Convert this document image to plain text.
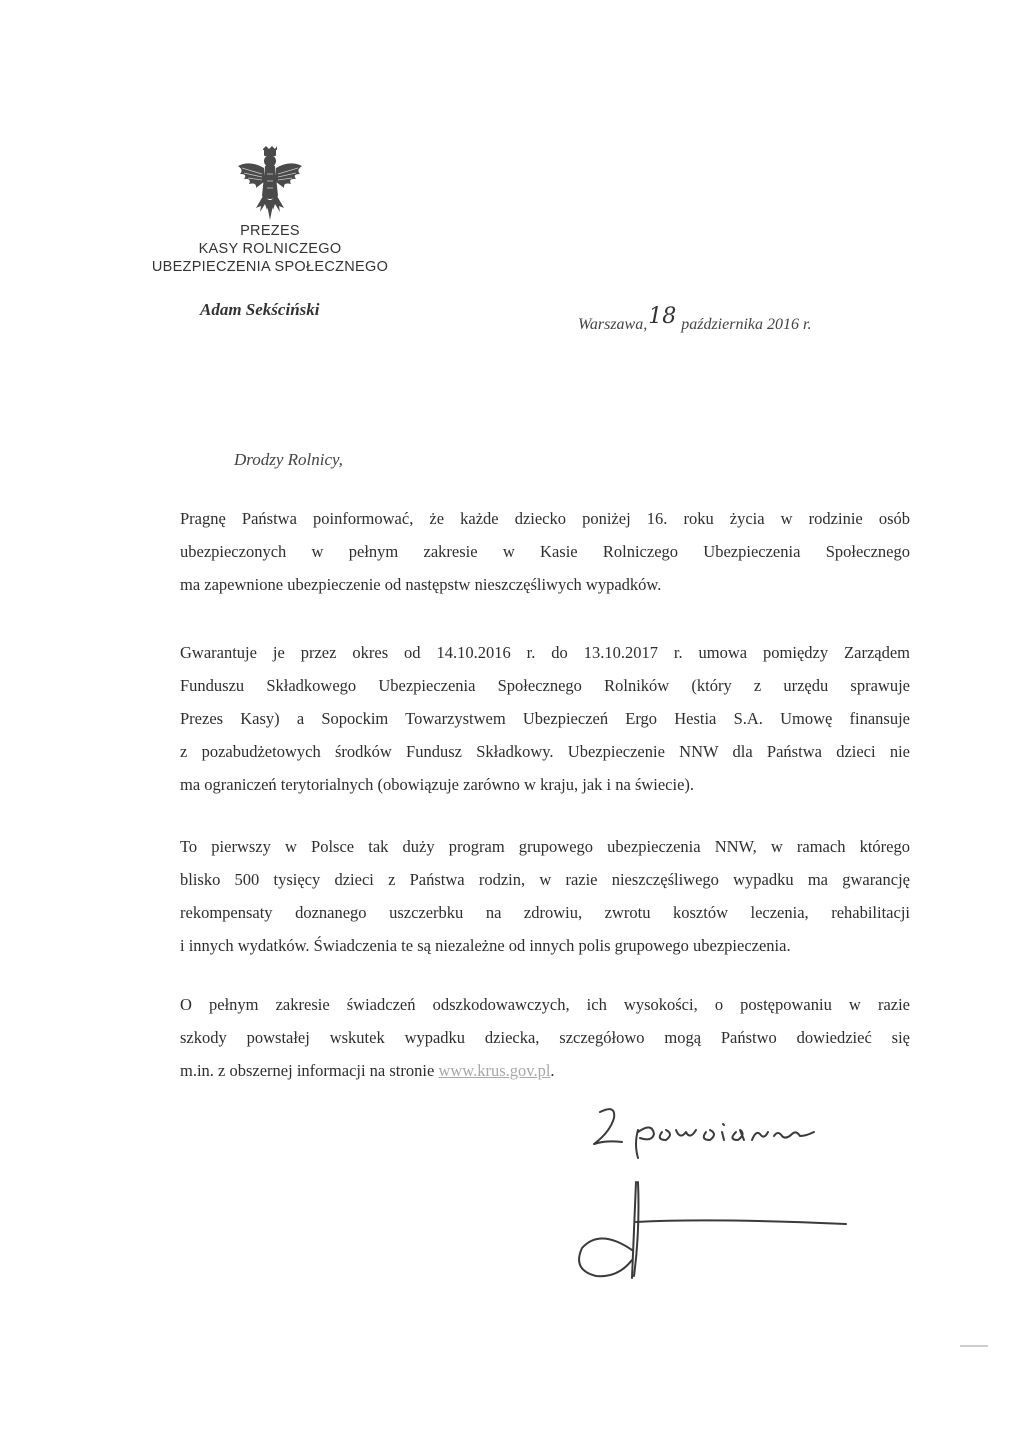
PREZES
KASY ROLNICZEGO
UBEZPIECZENIA SPOŁECZNEGO
Adam Sekściński
Warszawa,18 października 2016 r.
Drodzy Rolnicy,
Pragnę Państwa poinformować, że każde dziecko poniżej 16. roku życia w rodzinie osób
ubezpieczonych w pełnym zakresie w Kasie Rolniczego Ubezpieczenia Społecznego
ma zapewnione ubezpieczenie od następstw nieszczęśliwych wypadków.
Gwarantuje je przez okres od 14.10.2016 r. do 13.10.2017 r. umowa pomiędzy Zarządem
Funduszu Składkowego Ubezpieczenia Społecznego Rolników (który z urzędu sprawuje
Prezes Kasy) a Sopockim Towarzystwem Ubezpieczeń Ergo Hestia S.A. Umowę finansuje
z pozabudżetowych środków Fundusz Składkowy. Ubezpieczenie NNW dla Państwa dzieci nie
ma ograniczeń terytorialnych (obowiązuje zarówno w kraju, jak i na świecie).
To pierwszy w Polsce tak duży program grupowego ubezpieczenia NNW, w ramach którego
blisko 500 tysięcy dzieci z Państwa rodzin, w razie nieszczęśliwego wypadku ma gwarancję
rekompensaty doznanego uszczerbku na zdrowiu, zwrotu kosztów leczenia, rehabilitacji
i innych wydatków. Świadczenia te są niezależne od innych polis grupowego ubezpieczenia.
O pełnym zakresie świadczeń odszkodowawczych, ich wysokości, o postępowaniu w razie
szkody powstałej wskutek wypadku dziecka, szczegółowo mogą Państwo dowiedzieć się
m.in. z obszernej informacji na stronie www.krus.gov.pl.
